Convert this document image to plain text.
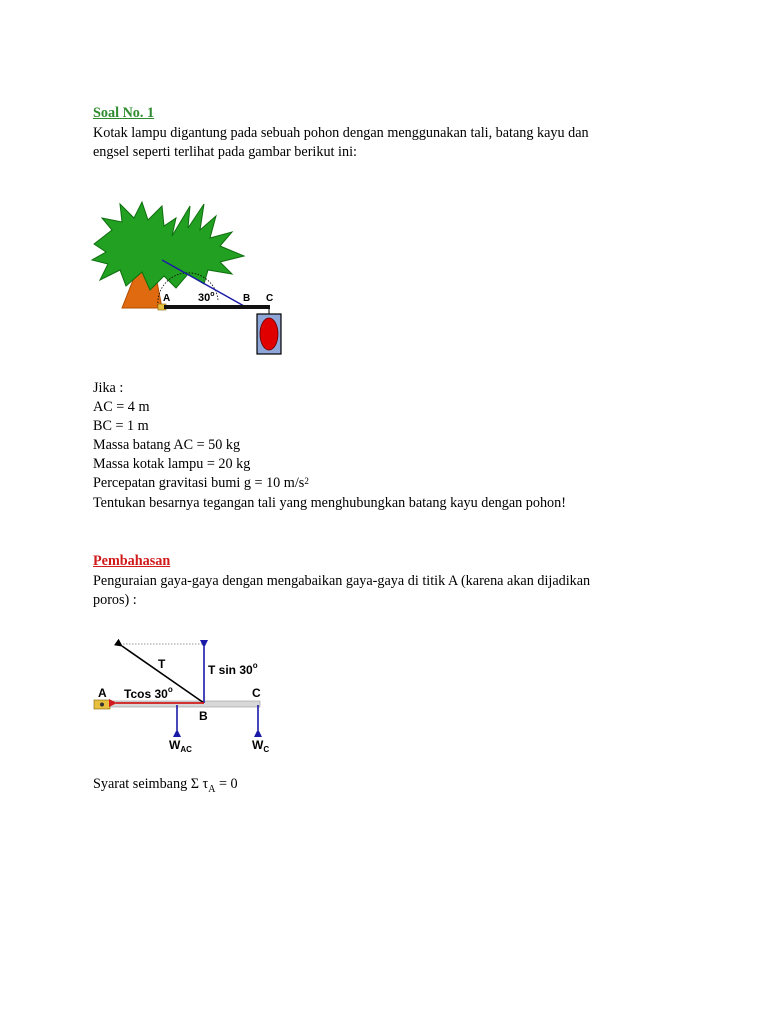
Soal No. 1
Kotak lampu digantung pada sebuah pohon dengan menggunakan tali, batang kayu dan
engsel seperti terlihat pada gambar berikut ini:
A	30$^o$	B C
Jika :
AC = 4 m
BC = 1 m
Massa batang AC = 50 kg
Massa kotak lampu = 20 kg
Percepatan gravitasi bumi g = 10 $m/s^2$
Tentukan besarnya tegangan tali yang menghubungkan batang kayu dengan pohon!
Pembahasan
Penguraian gaya-gaya dengan mengabaikan gaya-gaya di titik A (karena akan dijadikan
poros) :
T	T sin 30$^o$
Tcos 30$^o$
A	C
B
$W_{AC}$	$W_C$
Syarat seimbang Σ $\tau_A = 0$
